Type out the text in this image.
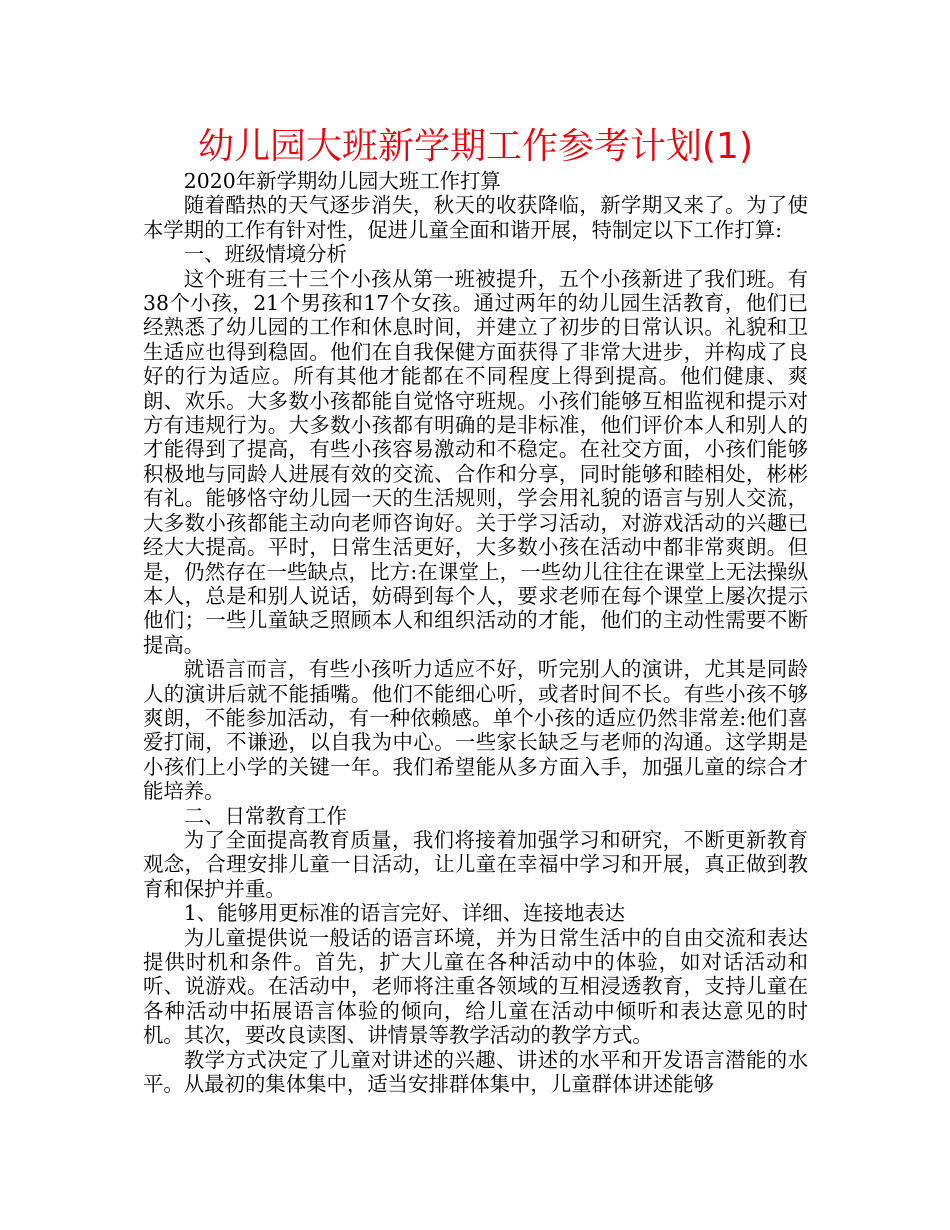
幼儿园大班新学期工作参考计划(1)

2020年新学期幼儿园大班工作打算

随着酷热的天气逐步消失，秋天的收获降临，新学期又来了。为了使本学期的工作有针对性，促进儿童全面和谐开展，特制定以下工作打算:

一、班级情境分析

这个班有三十三个小孩从第一班被提升，五个小孩新进了我们班。有38个小孩，21个男孩和17个女孩。通过两年的幼儿园生活教育，他们已经熟悉了幼儿园的工作和休息时间，并建立了初步的日常认识。礼貌和卫生适应也得到稳固。他们在自我保健方面获得了非常大进步，并构成了良好的行为适应。所有其他才能都在不同程度上得到提高。他们健康、爽朗、欢乐。大多数小孩都能自觉恪守班规。小孩们能够互相监视和提示对方有违规行为。大多数小孩都有明确的是非标准，他们评价本人和别人的才能得到了提高，有些小孩容易激动和不稳定。在社交方面，小孩们能够积极地与同龄人进展有效的交流、合作和分享，同时能够和睦相处，彬彬有礼。能够恪守幼儿园一天的生活规则，学会用礼貌的语言与别人交流，大多数小孩都能主动向老师咨询好。关于学习活动，对游戏活动的兴趣已经大大提高。平时，日常生活更好，大多数小孩在活动中都非常爽朗。但是，仍然存在一些缺点，比方:在课堂上，一些幼儿往往在课堂上无法操纵本人，总是和别人说话，妨碍到每个人，要求老师在每个课堂上屡次提示他们；一些儿童缺乏照顾本人和组织活动的才能，他们的主动性需要不断提高。

就语言而言，有些小孩听力适应不好，听完别人的演讲，尤其是同龄人的演讲后就不能插嘴。他们不能细心听，或者时间不长。有些小孩不够爽朗，不能参加活动，有一种依赖感。单个小孩的适应仍然非常差:他们喜爱打闹，不谦逊，以自我为中心。一些家长缺乏与老师的沟通。这学期是小孩们上小学的关键一年。我们希望能从多方面入手，加强儿童的综合才能培养。

二、日常教育工作

为了全面提高教育质量，我们将接着加强学习和研究，不断更新教育观念，合理安排儿童一日活动，让儿童在幸福中学习和开展，真正做到教育和保护并重。

1、能够用更标准的语言完好、详细、连接地表达

为儿童提供说一般话的语言环境，并为日常生活中的自由交流和表达提供时机和条件。首先，扩大儿童在各种活动中的体验，如对话活动和听、说游戏。在活动中，老师将注重各领域的互相浸透教育，支持儿童在各种活动中拓展语言体验的倾向，给儿童在活动中倾听和表达意见的时机。其次，要改良读图、讲情景等教学活动的教学方式。

教学方式决定了儿童对讲述的兴趣、讲述的水平和开发语言潜能的水平。从最初的集体集中，适当安排群体集中，儿童群体讲述能够
